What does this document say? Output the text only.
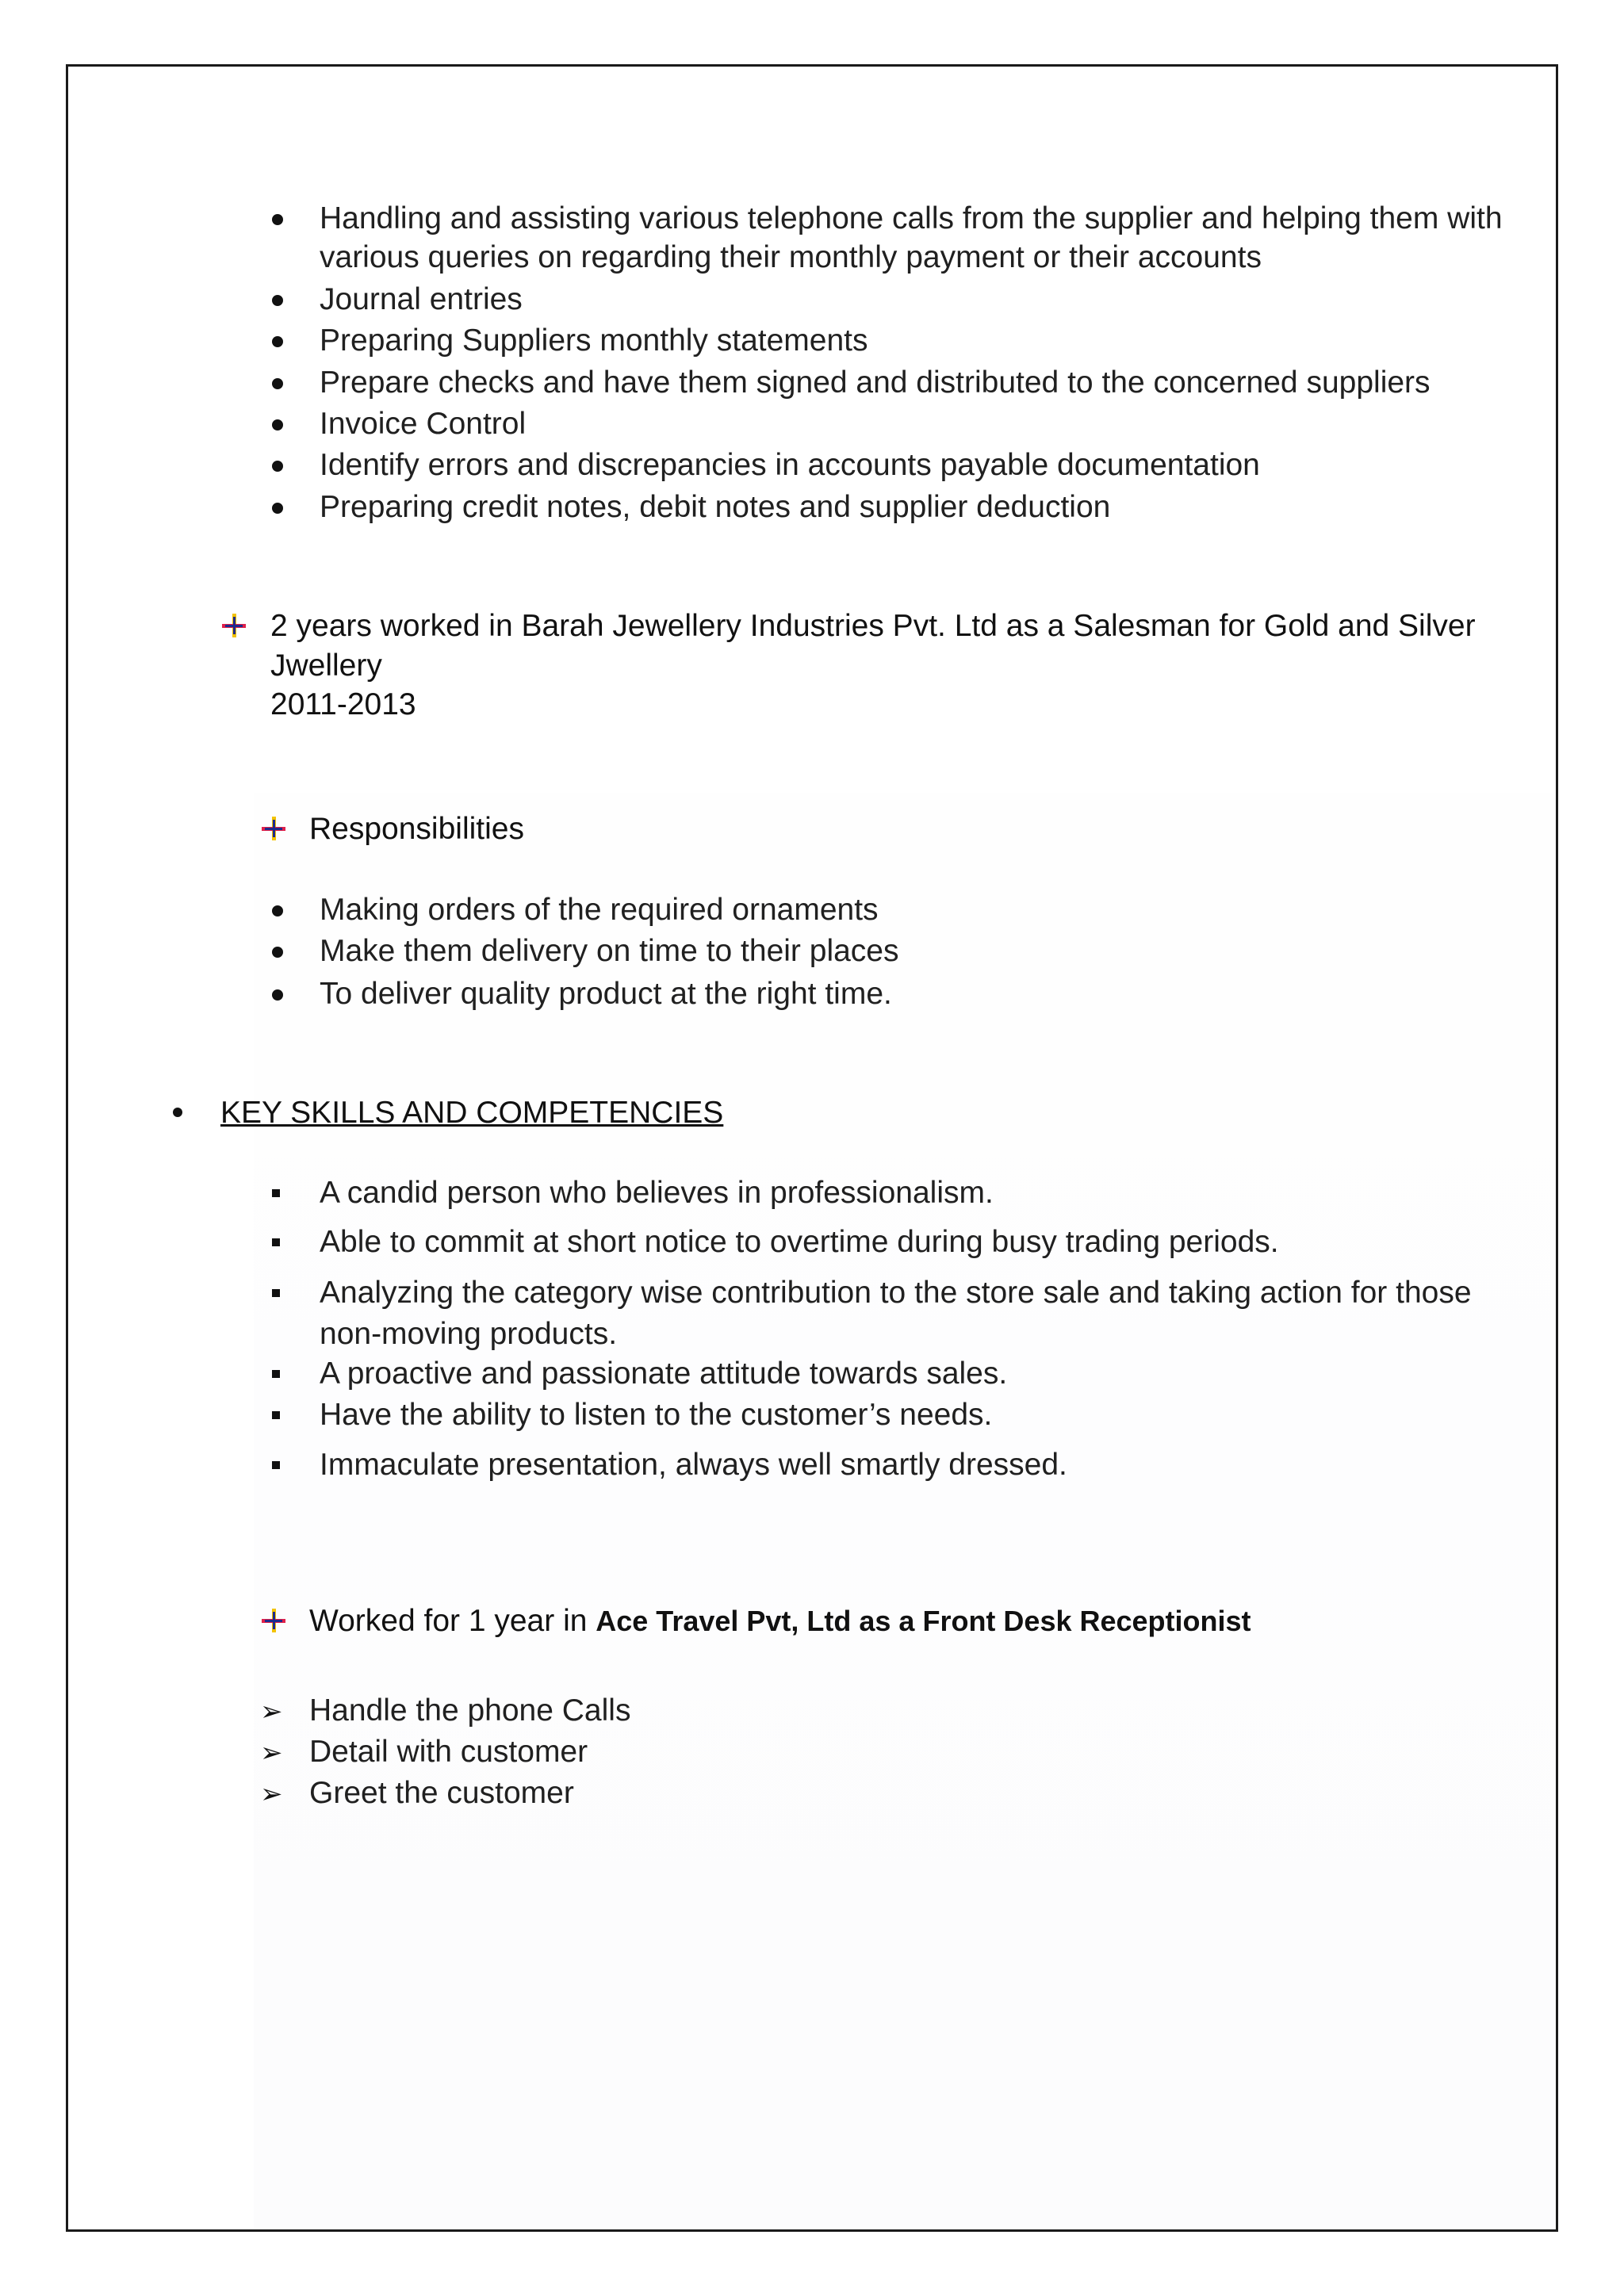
Handling and assisting various telephone calls from the supplier and helping them with
various queries on regarding their monthly payment or their accounts
Journal entries
Preparing Suppliers monthly statements
Prepare checks and have them signed and distributed to the concerned suppliers
Invoice Control
Identify errors and discrepancies in accounts payable documentation
Preparing credit notes, debit notes and supplier deduction
2 years worked in Barah Jewellery Industries Pvt. Ltd as a Salesman for Gold and Silver
Jwellery
2011-2013
Responsibilities
Making orders of the required ornaments
Make them delivery on time to their places
To deliver quality product at the right time.
KEY SKILLS AND COMPETENCIES
A candid person who believes in professionalism.
Able to commit at short notice to overtime during busy trading periods.
Analyzing the category wise contribution to the store sale and taking action for those
non-moving products.
A proactive and passionate attitude towards sales.
Have the ability to listen to the customer’s needs.
Immaculate presentation, always well smartly dressed.
Worked for 1 year in Ace Travel Pvt, Ltd as a Front Desk Receptionist
➢ Handle the phone Calls
➢ Detail with customer
➢ Greet the customer
